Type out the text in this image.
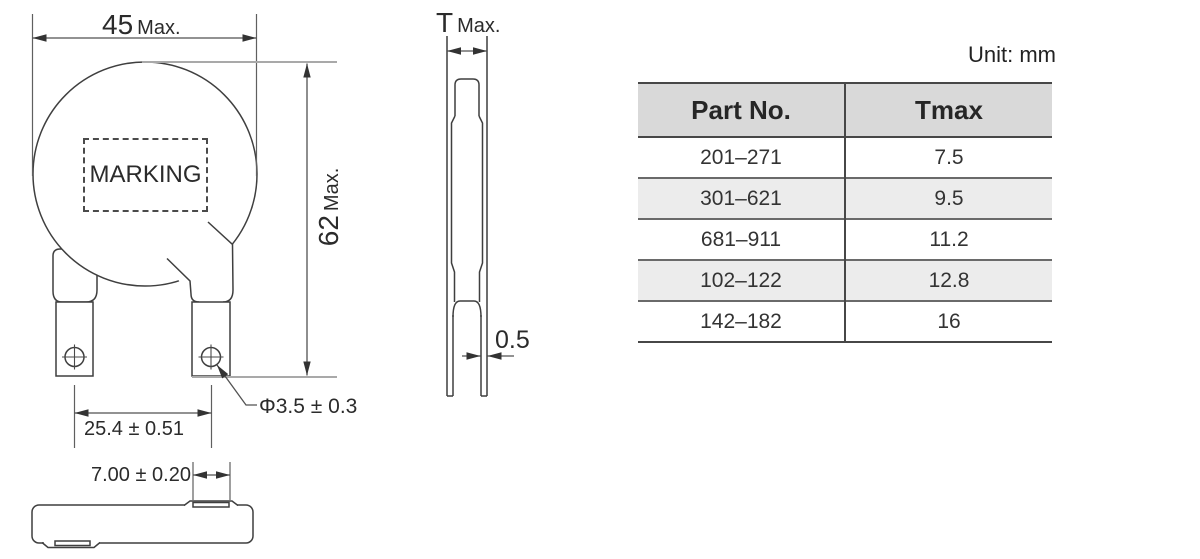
45 Max.	T Max.
62
Max.
MARKING
25.4 ± 0.51
Φ3.5 ± 0.3
7.00 ± 0.20
0.5
Unit: mm
Part No.	Tmax
201–271	7.5
301–621	9.5
681–911	11.2
102–122	12.8
142–182	16
